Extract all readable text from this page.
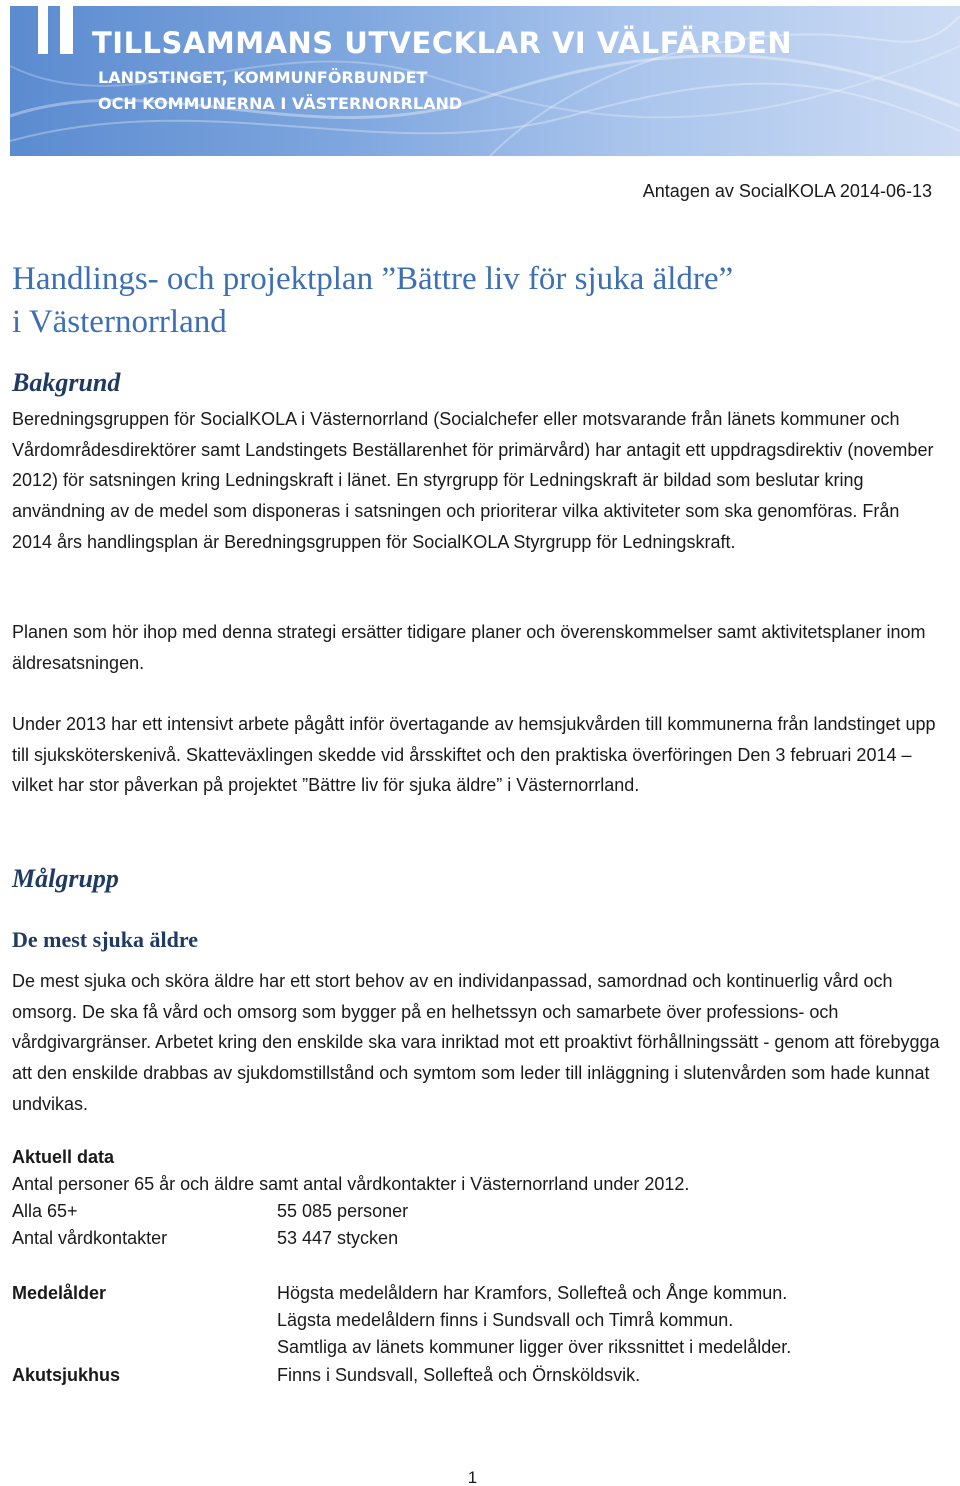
TILLSAMMANS UTVECKLAR VI VÄLFÄRDEN
LANDSTINGET, KOMMUNFÖRBUNDET
OCH KOMMUNERNA I VÄSTERNORRLAND
Antagen av SocialKOLA 2014-06-13
Handlings- och projektplan ”Bättre liv för sjuka äldre”
i Västernorrland
Bakgrund
Beredningsgruppen för SocialKOLA i Västernorrland (Socialchefer eller motsvarande från länets kommuner och Vårdområdesdirektörer samt Landstingets Beställarenhet för primärvård) har antagit ett uppdragsdirektiv (november 2012) för satsningen kring Ledningskraft i länet. En styrgrupp för Ledningskraft är bildad som beslutar kring användning av de medel som disponeras i satsningen och prioriterar vilka aktiviteter som ska genomföras. Från 2014 års handlingsplan är Beredningsgruppen för SocialKOLA Styrgrupp för Ledningskraft.
Planen som hör ihop med denna strategi ersätter tidigare planer och överenskommelser samt aktivitetsplaner inom äldresatsningen.
Under 2013 har ett intensivt arbete pågått inför övertagande av hemsjukvården till kommunerna från landstinget upp till sjuksköterskenivå. Skatteväxlingen skedde vid årsskiftet och den praktiska överföringen Den 3 februari 2014 – vilket har stor påverkan på projektet ”Bättre liv för sjuka äldre” i Västernorrland.
Målgrupp
De mest sjuka äldre
De mest sjuka och sköra äldre har ett stort behov av en individanpassad, samordnad och kontinuerlig vård och omsorg. De ska få vård och omsorg som bygger på en helhetssyn och samarbete över professions- och vårdgivargränser. Arbetet kring den enskilde ska vara inriktad mot ett proaktivt förhållningssätt - genom att förebygga att den enskilde drabbas av sjukdomstillstånd och symtom som leder till inläggning i slutenvården som hade kunnat undvikas.
Aktuell data
Antal personer 65 år och äldre samt antal vårdkontakter i Västernorrland under 2012.
Alla 65+	55 085 personer
Antal vårdkontakter	53 447 stycken
Medelålder	Högsta medelåldern har Kramfors, Sollefteå och Ånge kommun.
Lägsta medelåldern finns i Sundsvall och Timrå kommun.
Samtliga av länets kommuner ligger över rikssnittet i medelålder.
Akutsjukhus	Finns i Sundsvall, Sollefteå och Örnsköldsvik.
1
